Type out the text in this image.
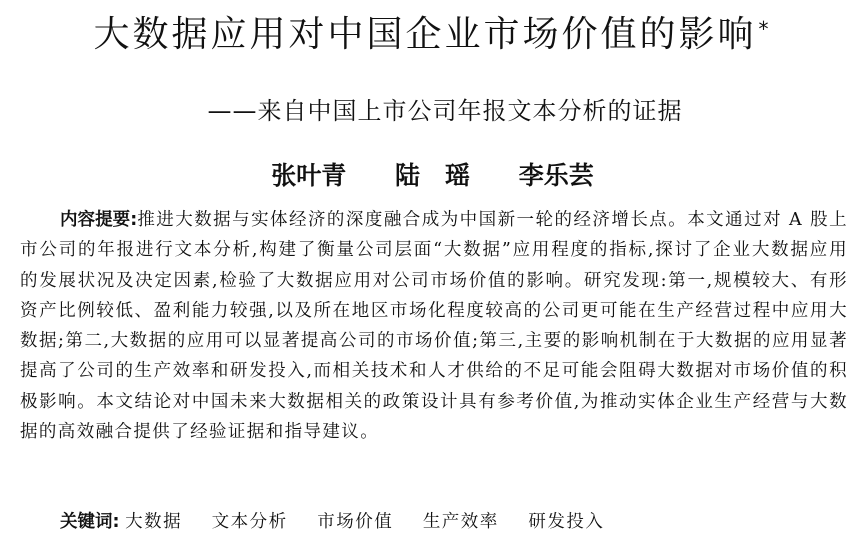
大数据应用对中国企业市场价值的影响 *
——来自中国上市公司年报文本分析的证据
张叶青 陆　瑶 李乐芸
内容提要:推进大数据与实体经济的深度融合成为中国新一轮的经济增长点。本文通过对 A 股上市公司的年报进行文本分析,构建了衡量公司层面“大数据”应用程度的指标,探讨了企业大数据应用的发展状况及决定因素,检验了大数据应用对公司市场价值的影响。研究发现:第一,规模较大、有形资产比例较低、盈利能力较强,以及所在地区市场化程度较高的公司更可能在生产经营过程中应用大数据;第二,大数据的应用可以显著提高公司的市场价值;第三,主要的影响机制在于大数据的应用显著提高了公司的生产效率和研发投入,而相关技术和人才供给的不足可能会阻碍大数据对市场价值的积极影响。本文结论对中国未来大数据相关的政策设计具有参考价值,为推动实体企业生产经营与大数据的高效融合提供了经验证据和指导建议。
关键词: 大数据 文本分析 市场价值 生产效率 研发投入
